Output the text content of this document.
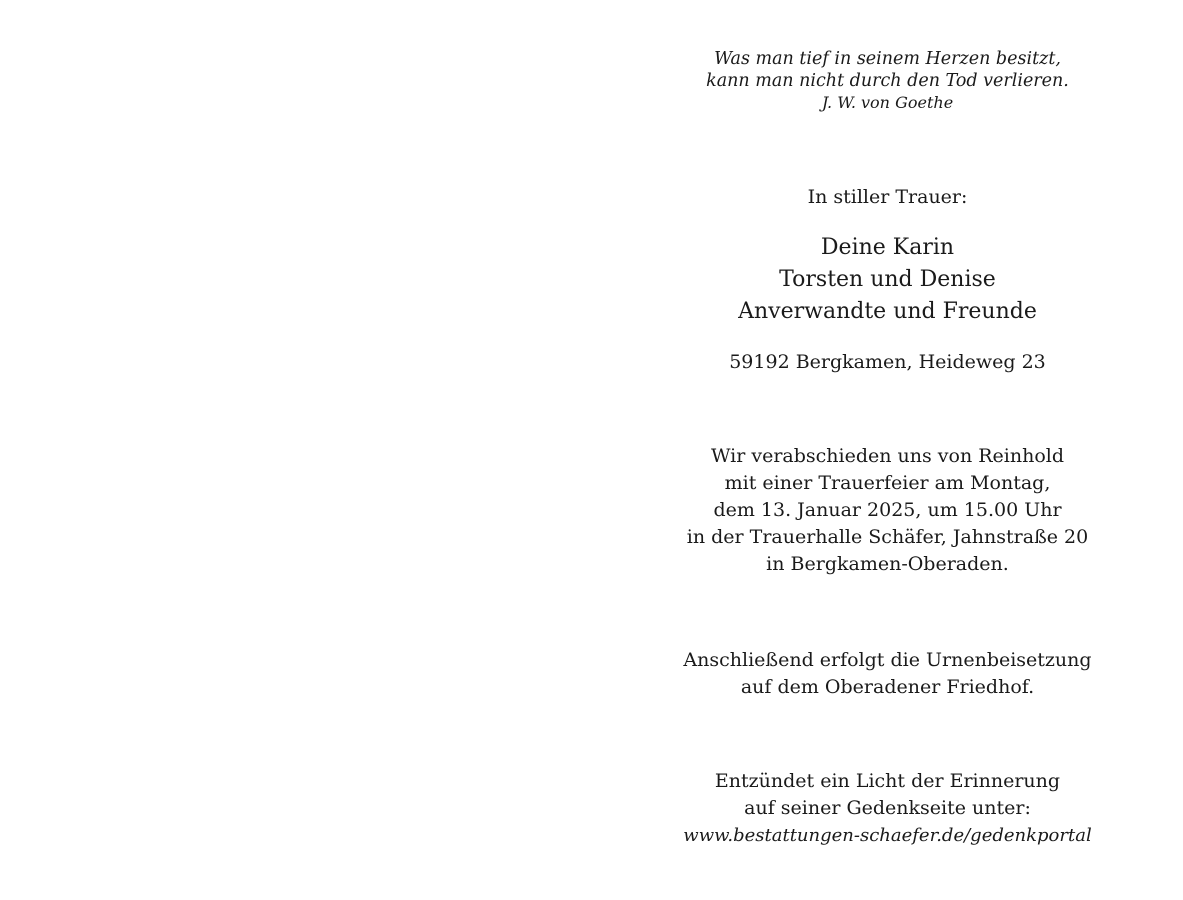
Was man tief in seinem Herzen besitzt,
kann man nicht durch den Tod verlieren.
J. W. von Goethe
In stiller Trauer:
Deine Karin
Torsten und Denise
Anverwandte und Freunde
59192 Bergkamen, Heideweg 23
Wir verabschieden uns von Reinhold
mit einer Trauerfeier am Montag,
dem 13. Januar 2025, um 15.00 Uhr
in der Trauerhalle Schäfer, Jahnstraße 20
in Bergkamen-Oberaden.
Anschließend erfolgt die Urnenbeisetzung
auf dem Oberadener Friedhof.
Entzündet ein Licht der Erinnerung
auf seiner Gedenkseite unter:
www.bestattungen-schaefer.de/gedenkportal
